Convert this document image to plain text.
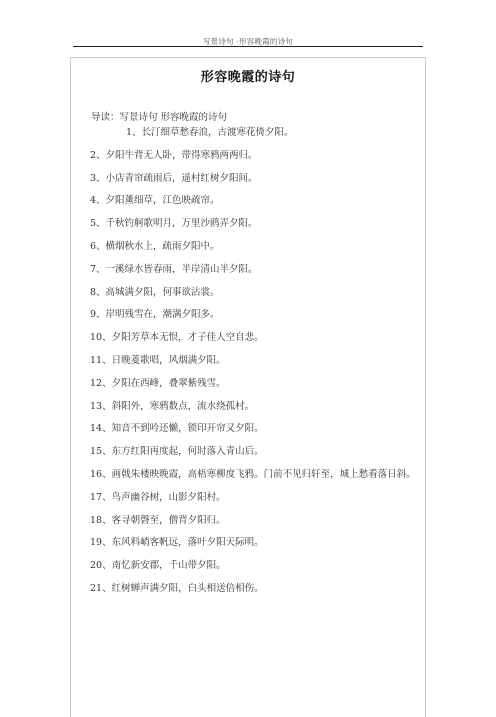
写景诗句 -形容晚霞的诗句
形容晚霞的诗句
导读：写景诗句 形容晚霞的诗句
1、长汀细草愁春浪，古渡寒花倚夕阳。
2、夕阳牛背无人卧，带得寒鸦两两归。
3、小店青帘疏雨后，遥村红树夕阳间。
4、夕阳薰细草，江色映疏帘。
5、千秋钓舸歌明月，万里沙鸥弄夕阳。
6、横烟秋水上，疏雨夕阳中。
7、一溪绿水皆春雨，半岸清山半夕阳。
8、高城满夕阳，何事欲沾裳。
9、岸明残雪在，潮满夕阳多。
10、夕阳芳草本无恨，才子佳人空自悲。
11、日晚菱歌唱，风烟满夕阳。
12、夕阳在西峰，叠翠紫残雪。
13、斜阳外，寒鸦数点，流水绕孤村。
14、知音不到吟还懒，锁印开帘又夕阳。
15、东方红阳再度起，何时落入青山后。
16、画戟朱楼映晚霞，高梧寒柳度飞鸦。门前不见归轩至，城上愁看落日斜。
17、鸟声幽谷树，山影夕阳村。
18、客寻朝磬至，僧背夕阳归。
19、东风料峭客帆远，落叶夕阳天际明。
20、南忆新安郡，千山带夕阳。
21、红树蝉声满夕阳，白头相送倍相伤。
